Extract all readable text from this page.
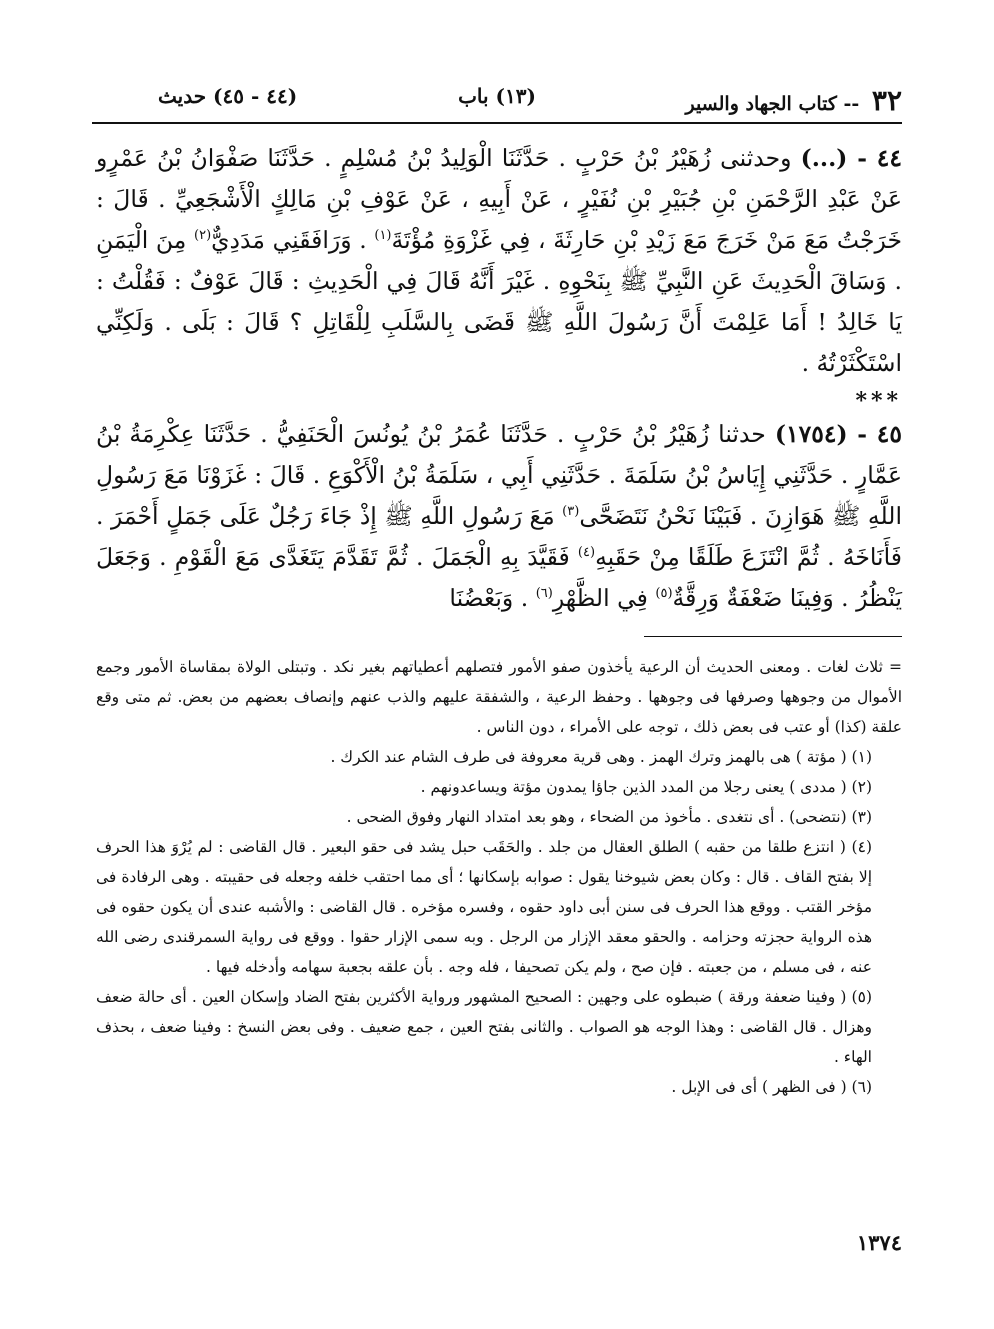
٣٢ -- كتاب الجهاد والسير
(١٣) باب
(٤٤ - ٤٥) حديث

٤٤ - (...) وحدثنى زُهَيْرُ بْنُ حَرْبٍ . حَدَّثَنَا الْوَلِيدُ بْنُ مُسْلِمٍ . حَدَّثَنَا صَفْوَانُ بْنُ عَمْرٍو عَنْ عَبْدِ الرَّحْمَنِ بْنِ جُبَيْرِ بْنِ نُفَيْرٍ ، عَنْ أَبِيهِ ، عَنْ عَوْفِ بْنِ مَالِكٍ الْأَشْجَعِيِّ . قَالَ : خَرَجْتُ مَعَ مَنْ خَرَجَ مَعَ زَيْدِ بْنِ حَارِثَةَ ، فِي غَزْوَةِ مُؤْتَةَ$^{(١)}$ . وَرَافَقَنِي مَدَدِيٌّ$^{(٢)}$ مِنَ الْيَمَنِ . وَسَاقَ الْحَدِيثَ عَنِ النَّبِيِّ ﷺ بِنَحْوِهِ . غَيْرَ أَنَّهُ قَالَ فِي الْحَدِيثِ : قَالَ عَوْفٌ : فَقُلْتُ : يَا خَالِدُ ! أَمَا عَلِمْتَ أَنَّ رَسُولَ اللَّهِ ﷺ قَضَى بِالسَّلَبِ لِلْقَاتِلِ ؟ قَالَ : بَلَى . وَلَكِنِّي اسْتَكْثَرْتُهُ .

***

٤٥ - (١٧٥٤) حدثنا زُهَيْرُ بْنُ حَرْبٍ . حَدَّثَنَا عُمَرُ بْنُ يُونُسَ الْحَنَفِيُّ . حَدَّثَنَا عِكْرِمَةُ بْنُ عَمَّارٍ . حَدَّثَنِي إِيَاسُ بْنُ سَلَمَةَ . حَدَّثَنِي أَبِي ، سَلَمَةُ بْنُ الْأَكْوَعِ . قَالَ : غَزَوْنَا مَعَ رَسُولِ اللَّهِ ﷺ هَوَازِنَ . فَبَيْنَا نَحْنُ نَتَضَحَّى$^{(٣)}$ مَعَ رَسُولِ اللَّهِ ﷺ إِذْ جَاءَ رَجُلٌ عَلَى جَمَلٍ أَحْمَرَ . فَأَنَاخَهُ . ثُمَّ انْتَزَعَ طَلَقًا مِنْ حَقَبِهِ$^{(٤)}$ فَقَيَّدَ بِهِ الْجَمَلَ . ثُمَّ تَقَدَّمَ يَتَغَدَّى مَعَ الْقَوْمِ . وَجَعَلَ يَنْظُرُ . وَفِينَا ضَعْفَةٌ وَرِقَّةٌ$^{(٥)}$ فِي الظَّهْرِ$^{(٦)}$ . وَبَعْضُنَا

= ثلاث لغات . ومعنى الحديث أن الرعية يأخذون صفو الأمور فتصلهم أعطياتهم بغير نكد . وتبتلى الولاة بمقاساة الأمور وجمع الأموال من وجوهها وصرفها فى وجوهها . وحفظ الرعية ، والشفقة عليهم والذب عنهم وإنصاف بعضهم من بعض. ثم متى وقع علقة (كذا) أو عتب فى بعض ذلك ، توجه على الأمراء ، دون الناس .

(١) ( مؤتة ) هى بالهمز وترك الهمز . وهى قرية معروفة فى طرف الشام عند الكرك .

(٢) ( مددى ) يعنى رجلا من المدد الذين جاؤا يمدون مؤتة ويساعدونهم .

(٣) (نتضحى) . أى نتغدى . مأخوذ من الضحاء ، وهو بعد امتداد النهار وفوق الضحى .

(٤) ( انتزع طلقا من حقبه ) الطلق العقال من جلد . والحَقَب حبل يشد فى حقو البعير . قال القاضى : لم يُرْوَ هذا الحرف إلا بفتح القاف . قال : وكان بعض شيوخنا يقول : صوابه بإسكانها ؛ أى مما احتقب خلفه وجعله فى حقيبته . وهى الرفادة فى مؤخر القتب . ووقع هذا الحرف فى سنن أبى داود حقوه ، وفسره مؤخره . قال القاضى : والأشبه عندى أن يكون حقوه فى هذه الرواية حجزته وحزامه . والحقو معقد الإزار من الرجل . وبه سمى الإزار حقوا . ووقع فى رواية السمرقندى رضى الله عنه ، فى مسلم ، من جعبته . فإن صح ، ولم يكن تصحيفا ، فله وجه . بأن علقه بجعبة سهامه وأدخله فيها .

(٥) ( وفينا ضعفة ورقة ) ضبطوه على وجهين : الصحيح المشهور ورواية الأكثرين بفتح الضاد وإسكان العين . أى حالة ضعف وهزال . قال القاضى : وهذا الوجه هو الصواب . والثانى بفتح العين ، جمع ضعيف . وفى بعض النسخ : وفينا ضعف ، بحذف الهاء .

(٦) ( فى الظهر ) أى فى الإبل .

١٣٧٤
